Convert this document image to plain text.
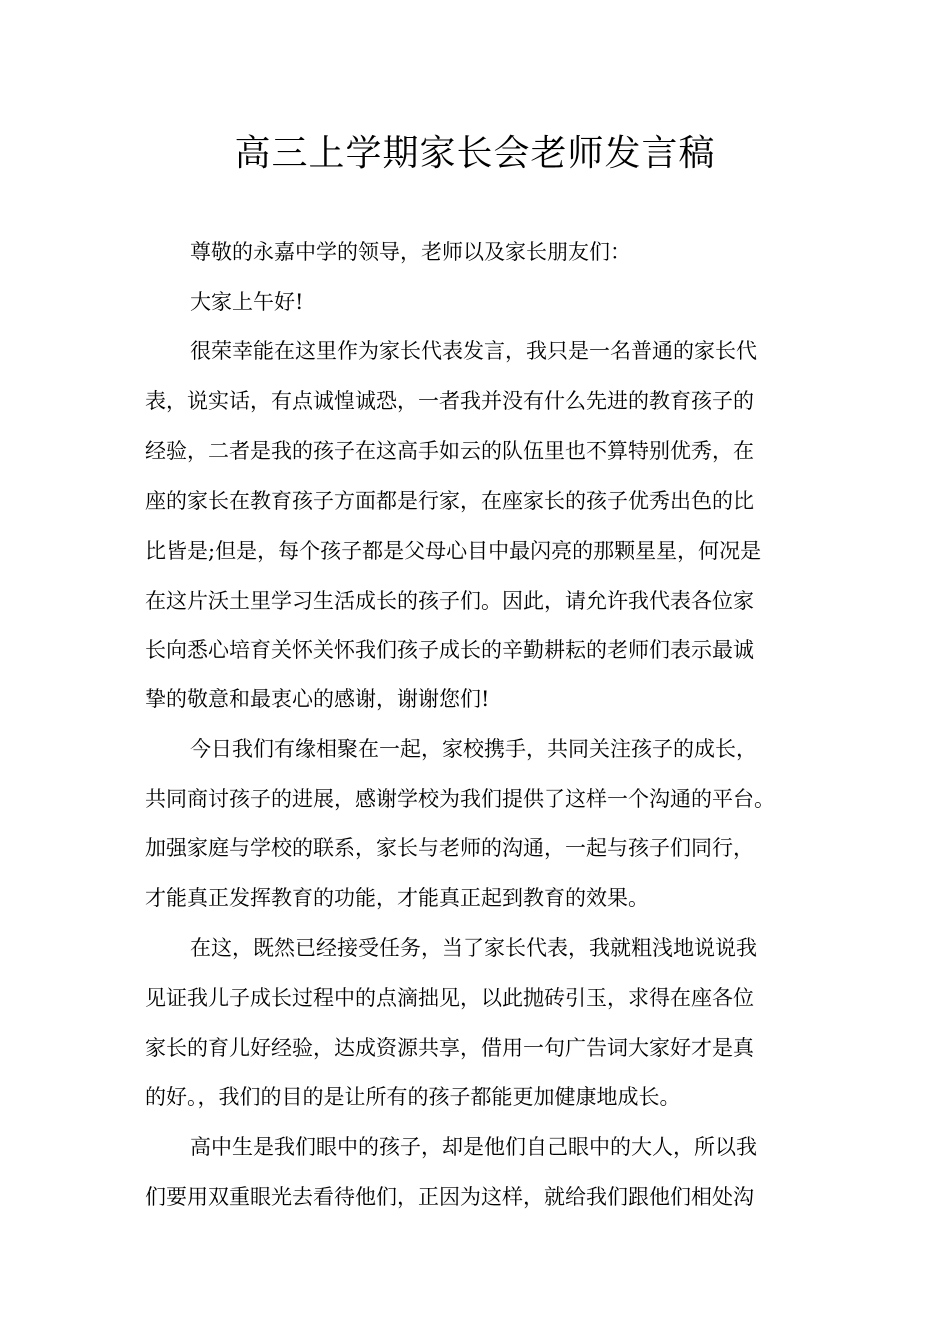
高三上学期家长会老师发言稿

尊敬的永嘉中学的领导，老师以及家长朋友们：

大家上午好!

很荣幸能在这里作为家长代表发言，我只是一名普通的家长代

表，说实话，有点诚惶诚恐，一者我并没有什么先进的教育孩子的

经验，二者是我的孩子在这高手如云的队伍里也不算特别优秀，在

座的家长在教育孩子方面都是行家，在座家长的孩子优秀出色的比

比皆是;但是，每个孩子都是父母心目中最闪亮的那颗星星，何况是

在这片沃土里学习生活成长的孩子们。因此，请允许我代表各位家

长向悉心培育关怀关怀我们孩子成长的辛勤耕耘的老师们表示最诚

挚的敬意和最衷心的感谢，谢谢您们!

今日我们有缘相聚在一起，家校携手，共同关注孩子的成长，

共同商讨孩子的进展，感谢学校为我们提供了这样一个沟通的平台。

加强家庭与学校的联系，家长与老师的沟通，一起与孩子们同行，

才能真正发挥教育的功能，才能真正起到教育的效果。

在这，既然已经接受任务，当了家长代表，我就粗浅地说说我

见证我儿子成长过程中的点滴拙见，以此抛砖引玉，求得在座各位

家长的育儿好经验，达成资源共享，借用一句广告词大家好才是真

的好。，我们的目的是让所有的孩子都能更加健康地成长。

高中生是我们眼中的孩子，却是他们自己眼中的大人，所以我

们要用双重眼光去看待他们，正因为这样，就给我们跟他们相处沟
